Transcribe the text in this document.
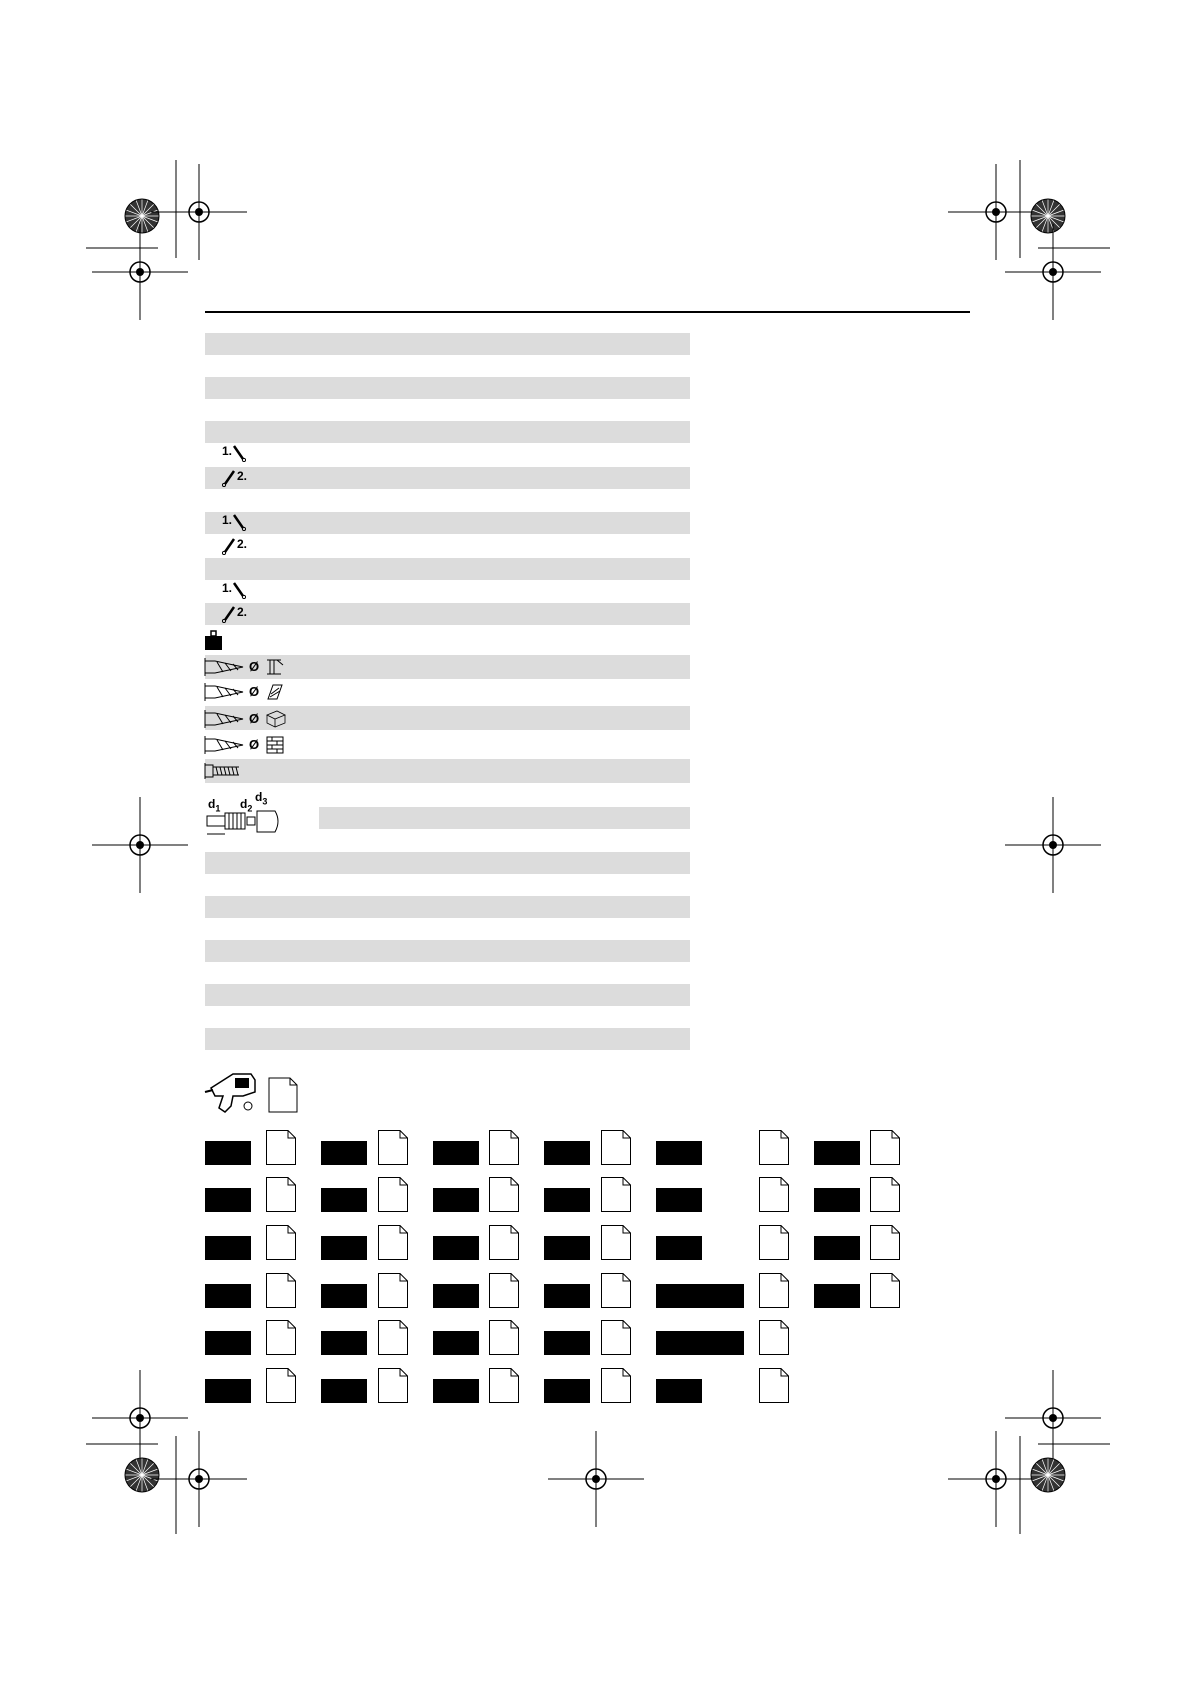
1.
2.
1.
2.
1.
2.
Ø
Ø
Ø
Ø
$d_1$ $d_2$
$d_3$
